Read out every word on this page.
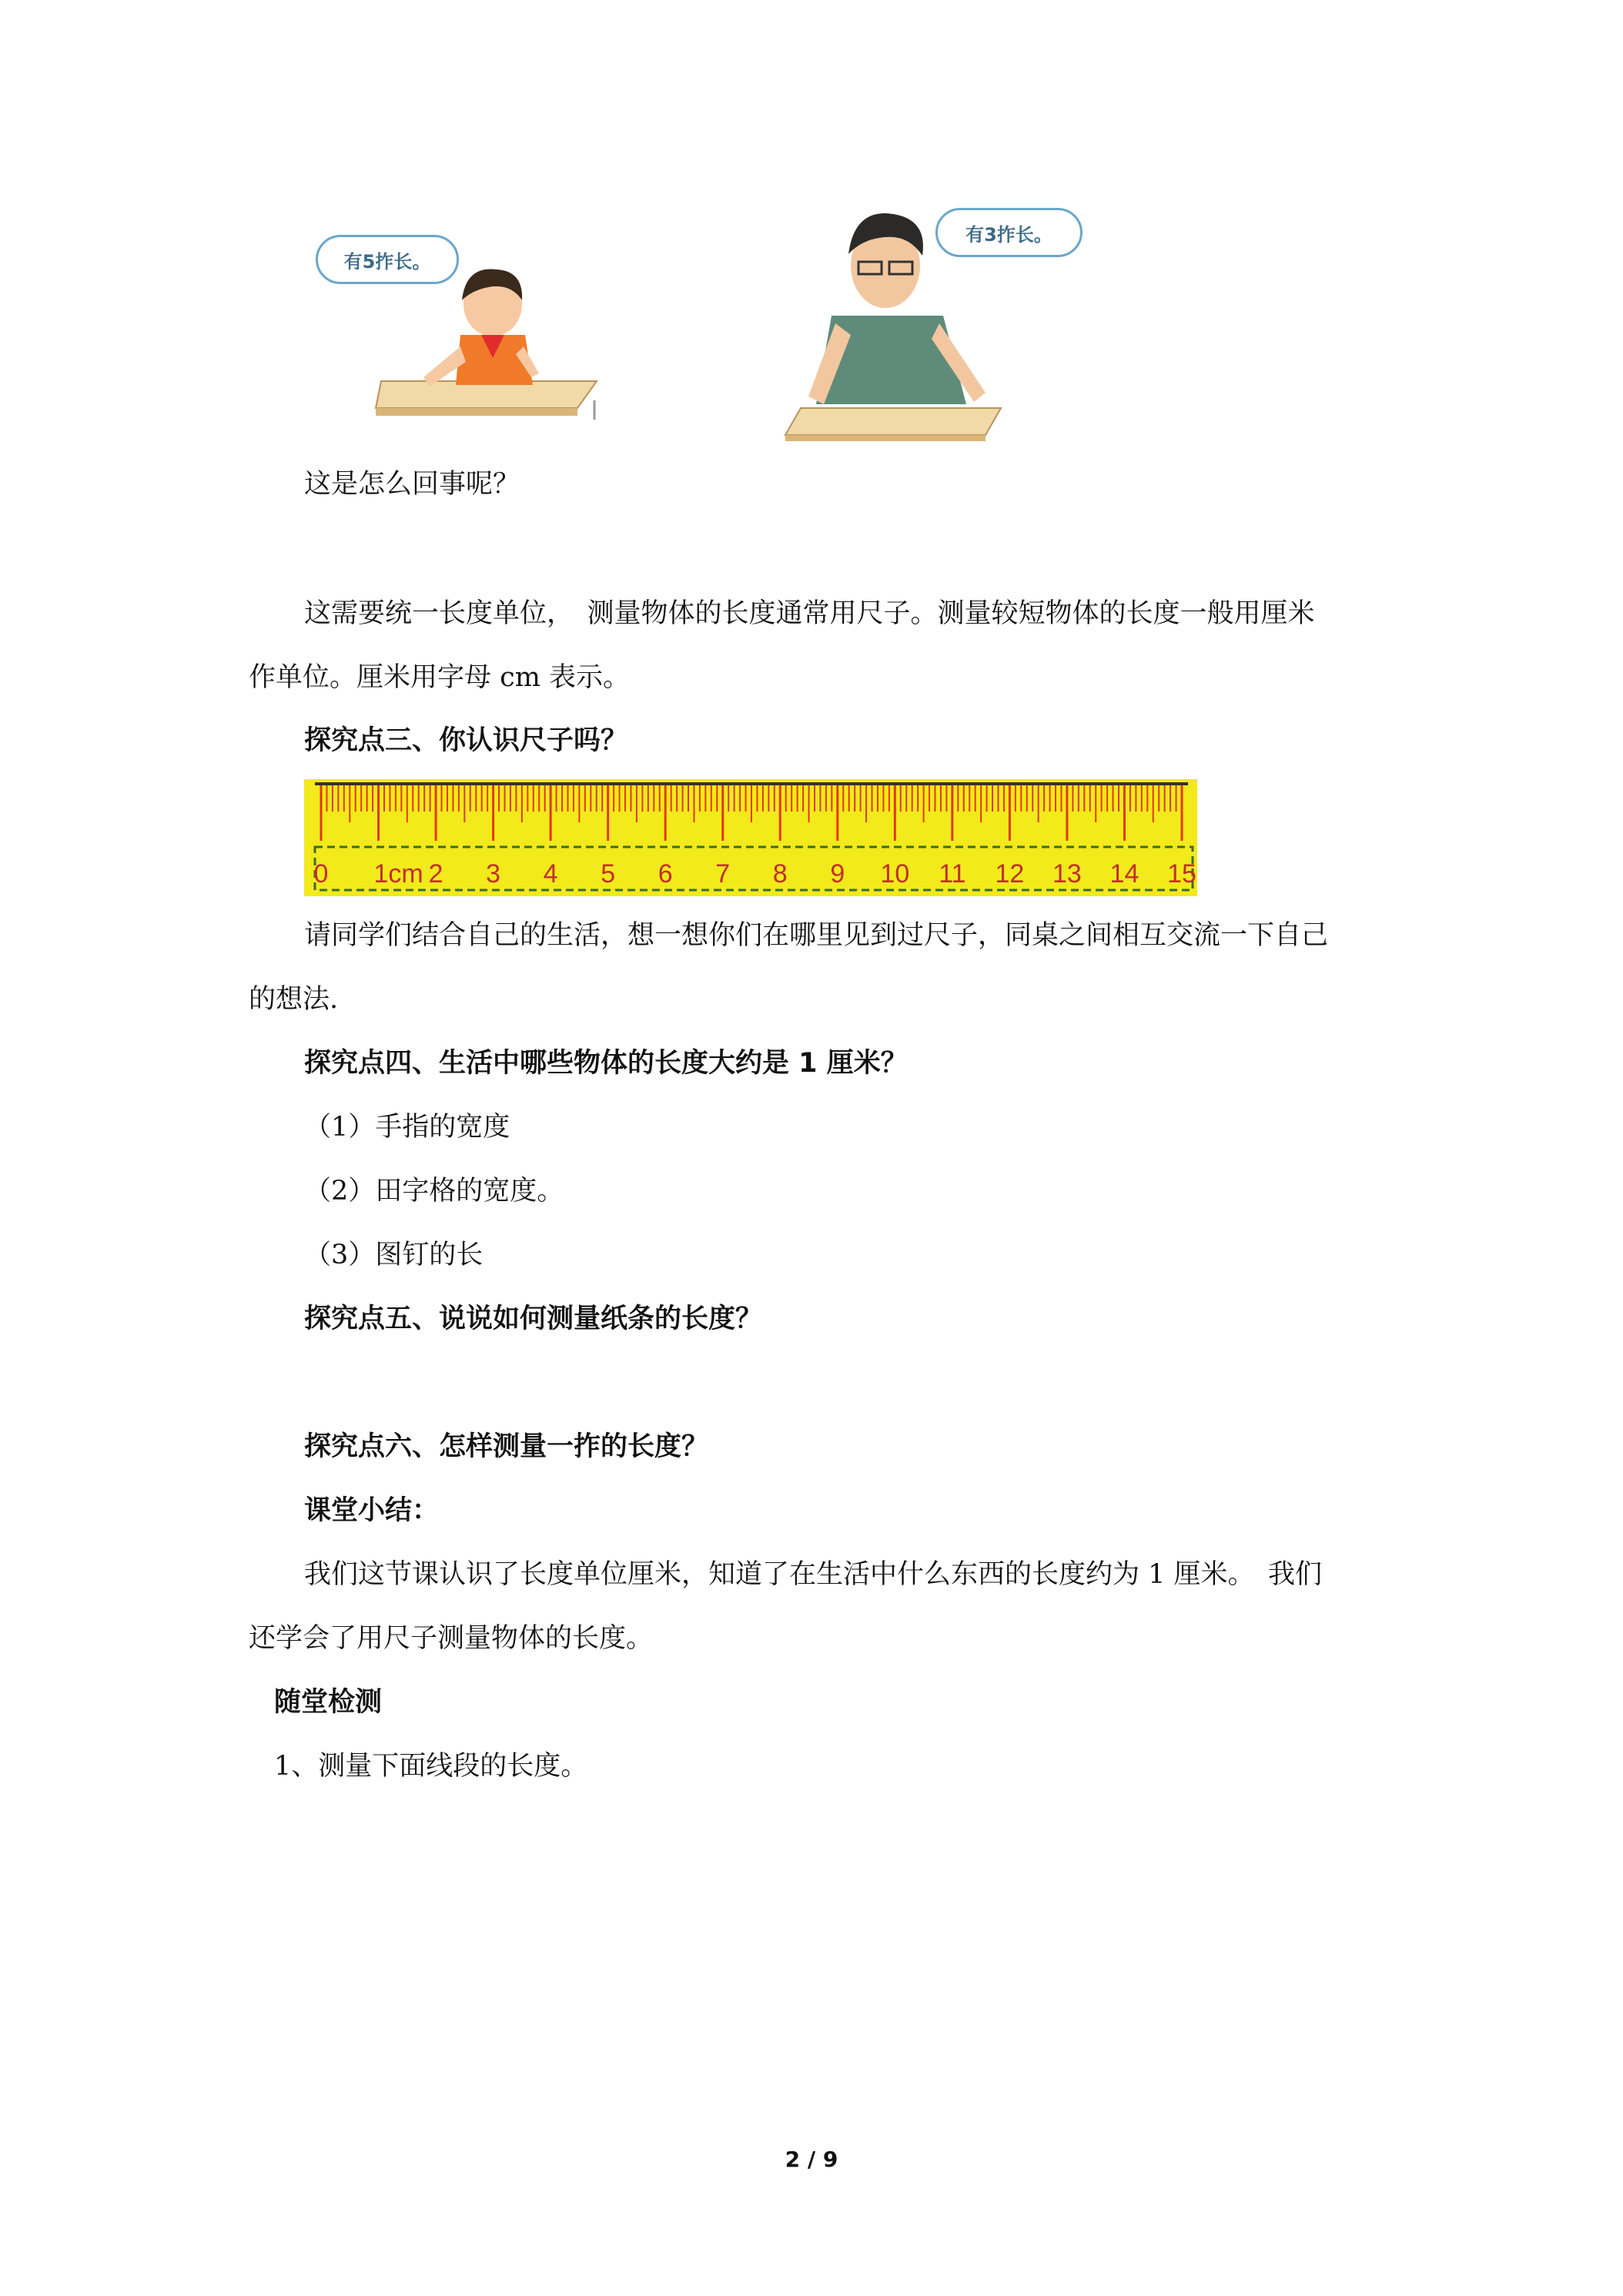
有5拃长。
有3拃长。

这是怎么回事呢？

这需要统一长度单位，　测量物体的长度通常用尺子。测量较短物体的长度一般用厘米

作单位。厘米用字母 cm 表示。

探究点三、你认识尺子吗？

0 1cm 2 3 4 5 6 7 8 9 10 11 12 13 14 15

请同学们结合自己的生活，想一想你们在哪里见到过尺子，同桌之间相互交流一下自己

的想法.

探究点四、生活中哪些物体的长度大约是 1 厘米？

（1）手指的宽度

（2）田字格的宽度。

（3）图钉的长

探究点五、说说如何测量纸条的长度？

探究点六、怎样测量一拃的长度？

课堂小结：

我们这节课认识了长度单位厘米，知道了在生活中什么东西的长度约为 1 厘米。　我们

还学会了用尺子测量物体的长度。

随堂检测

1、测量下面线段的长度。

2 / 9
